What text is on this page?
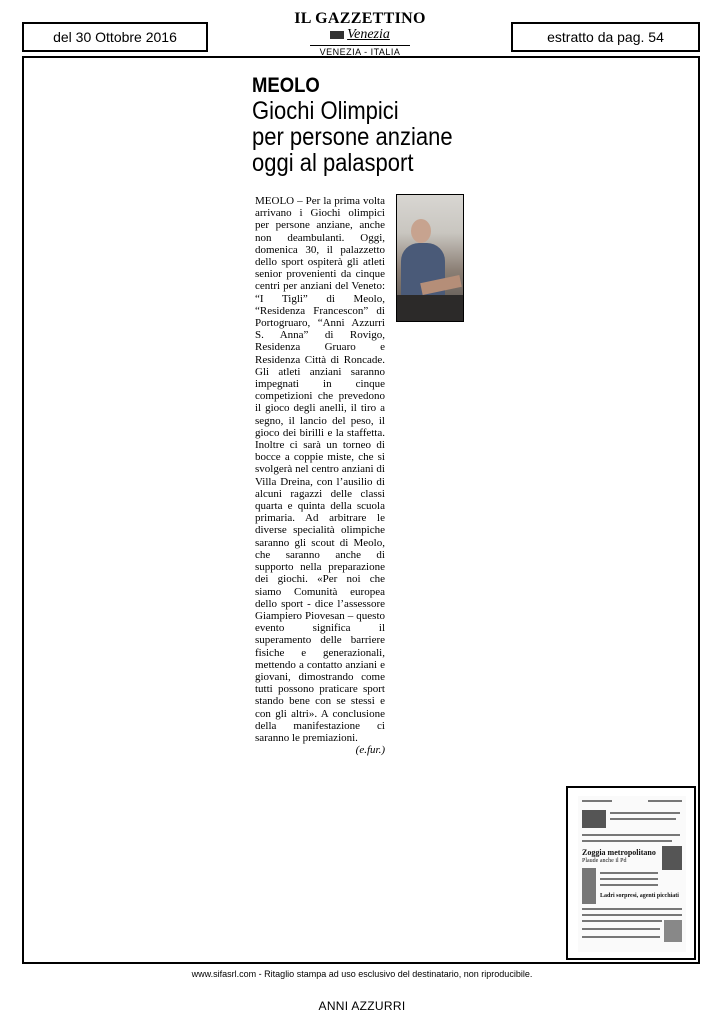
del 30 Ottobre 2016
IL GAZZETTINO
Venezia
VENEZIA - ITALIA
estratto da pag. 54
MEOLO
Giochi Olimpici
per persone anziane
oggi al palasport

MEOLO – Per la prima volta arrivano i Giochi olimpici per persone anziane, anche non deambulanti. Oggi, domenica 30, il palazzetto dello sport ospiterà gli atleti senior provenienti da cinque centri per anziani del Veneto: “I Tigli” di Meolo, “Residenza Francescon” di Portogruaro, “Anni Azzurri S. Anna” di Rovigo, Residenza Gruaro e Residenza Città di Roncade. Gli atleti anziani saranno impegnati in cinque competizioni che prevedono il gioco degli anelli, il tiro a segno, il lancio del peso, il gioco dei birilli e la staffetta. Inoltre ci sarà un torneo di bocce a coppie miste, che si svolgerà nel centro anziani di Villa Dreina, con l’ausilio di alcuni ragazzi delle classi quarta e quinta della scuola primaria. Ad arbitrare le diverse specialità olimpiche saranno gli scout di Meolo, che saranno anche di supporto nella preparazione dei giochi. «Per noi che siamo Comunità europea dello sport - dice l’assessore Giampiero Piovesan – questo evento significa il superamento delle barriere fisiche e generazionali, mettendo a contatto anziani e giovani, dimostrando come tutti possono praticare sport stando bene con se stessi e con gli altri». A conclusione della manifestazione ci saranno le premiazioni.
(e.fur.)

Zoggia metropolitano
Plaude anche il Pd
Ladri sorpresi, agenti picchiati
www.sifasrl.com - Ritaglio stampa ad uso esclusivo del destinatario, non riproducibile.
ANNI AZZURRI
